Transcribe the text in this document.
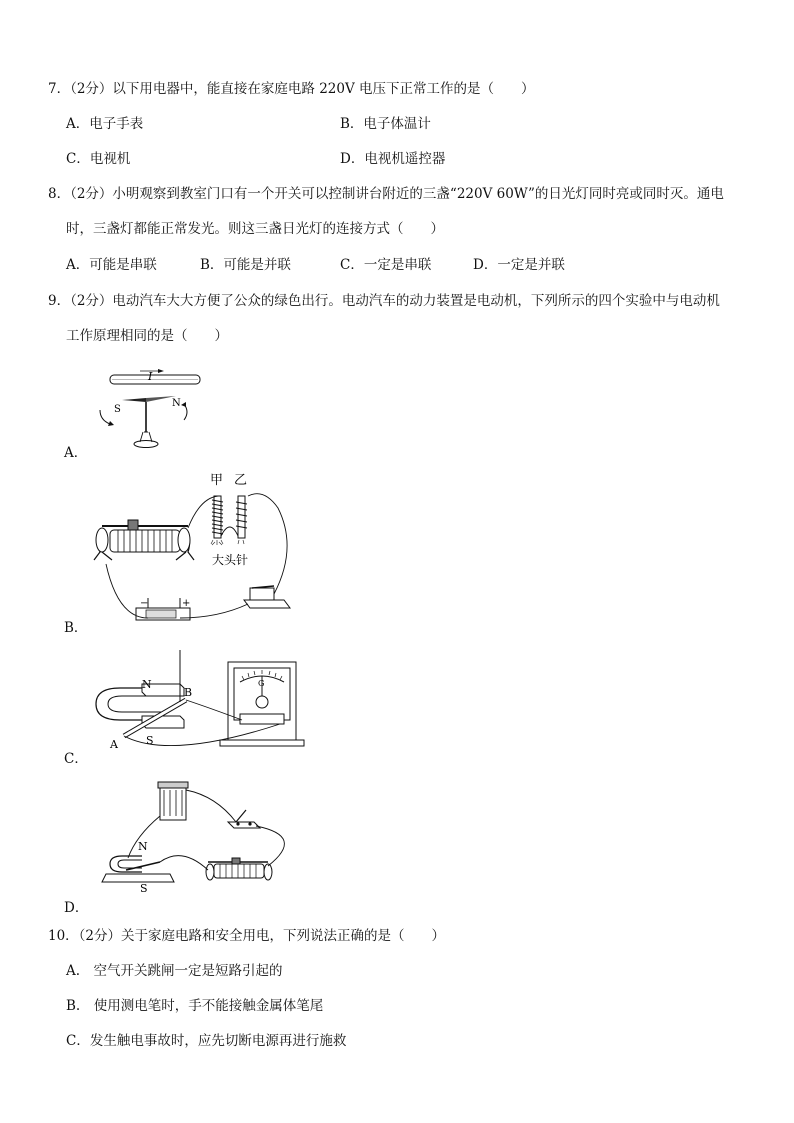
7．（2分）以下用电器中，能直接在家庭电路 220V 电压下正常工作的是（　　）
A．电子手表	B．电子体温计
C．电视机	D．电视机遥控器
8．（2分）小明观察到教室门口有一个开关可以控制讲台附近的三盏“220V 60W”的日光灯同时亮或同时灭。通电
时，三盏灯都能正常发光。则这三盏日光灯的连接方式（　　）
A．可能是串联	B．可能是并联	C．一定是串联	D．一定是并联
9．（2分）电动汽车大大方便了公众的绿色出行。电动汽车的动力装置是电动机，下列所示的四个实验中与电动机
工作原理相同的是（　　）
I
S
N
A．
甲 乙
大头针
−	+
B．
N
S
B
A
G
C．
N
S
D．
10．（2分）关于家庭电路和安全用电，下列说法正确的是（　　）
A.　空气开关跳闸一定是短路引起的
B.　使用测电笔时，手不能接触金属体笔尾
C．发生触电事故时，应先切断电源再进行施救
